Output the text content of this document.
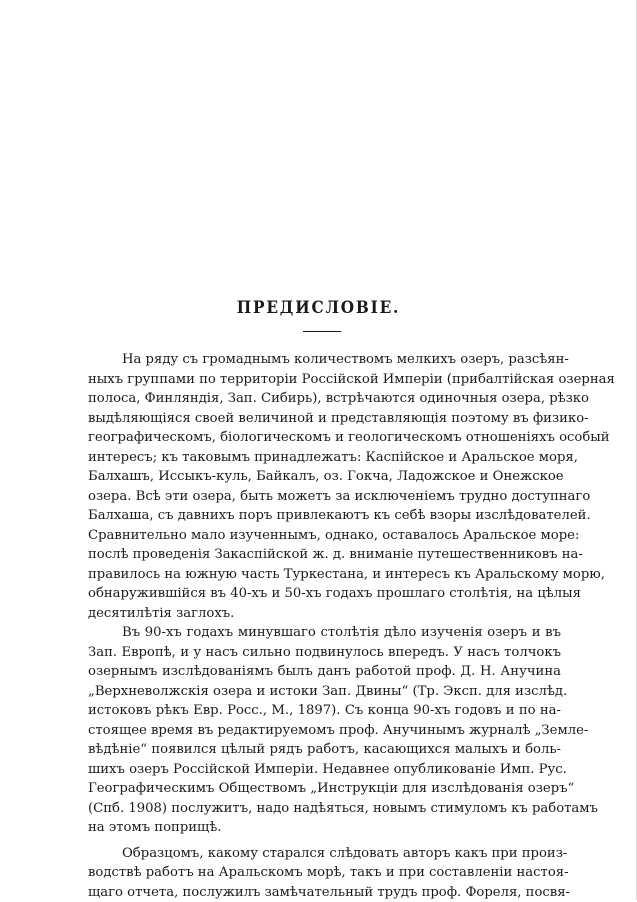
ПРЕДИСЛОВIЕ.
На ряду съ громаднымъ количествомъ мелкихъ озеръ, разсѣян-
ныхъ группами по территорiи Россiйской Имперiи (прибалтiйская озерная
полоса, Финляндiя, Зап. Сибирь), встрѣчаются одиночныя озера, рѣзко
выдѣляющiяся своей величиной и представляющiя поэтому въ физико-
географическомъ, бiологическомъ и геологическомъ отношенiяхъ особый
интересъ; къ таковымъ принадлежатъ: Каспiйское и Аральское моря,
Балхашъ, Иссыкъ-куль, Байкалъ, оз. Гокча, Ладожское и Онежское
озера. Всѣ эти озера, быть можетъ за исключенiемъ трудно доступнаго
Балхаша, съ давнихъ поръ привлекаютъ къ себѣ взоры изслѣдователей.
Сравнительно мало изученнымъ, однако, оставалось Аральское море:
послѣ проведенiя Закаспiйской ж. д. вниманiе путешественниковъ на-
правилось на южную часть Туркестана, и интересъ къ Аральскому морю,
обнаружившiйся въ 40-хъ и 50-хъ годахъ прошлаго столѣтiя, на цѣлыя
десятилѣтiя заглохъ.
Въ 90-хъ годахъ минувшаго столѣтiя дѣло изученiя озеръ и въ
Зап. Европѣ, и у насъ сильно подвинулось впередъ. У насъ толчокъ
озернымъ изслѣдованiямъ былъ данъ работой проф. Д. Н. Анучина
„Верхневолжскiя озера и истоки Зап. Двины“ (Тр. Эксп. для изслѣд.
истоковъ рѣкъ Евр. Росс., М., 1897). Съ конца 90-хъ годовъ и по на-
стоящее время въ редактируемомъ проф. Анучинымъ журналѣ „Земле-
вѣдѣнiе“ появился цѣлый рядъ работъ, касающихся малыхъ и боль-
шихъ озеръ Россiйской Имперiи. Недавнее опубликованiе Имп. Рус.
Географическимъ Обществомъ „Инструкцiи для изслѣдованiя озеръ“
(Спб. 1908) послужитъ, надо надѣяться, новымъ стимуломъ къ работамъ
на этомъ поприщѣ.
Образцомъ, какому старался слѣдовать авторъ какъ при произ-
водствѣ работъ на Аральскомъ морѣ, такъ и при составленiи настоя-
щаго отчета, послужилъ замѣчательный трудъ проф. Фореля, посвя-
